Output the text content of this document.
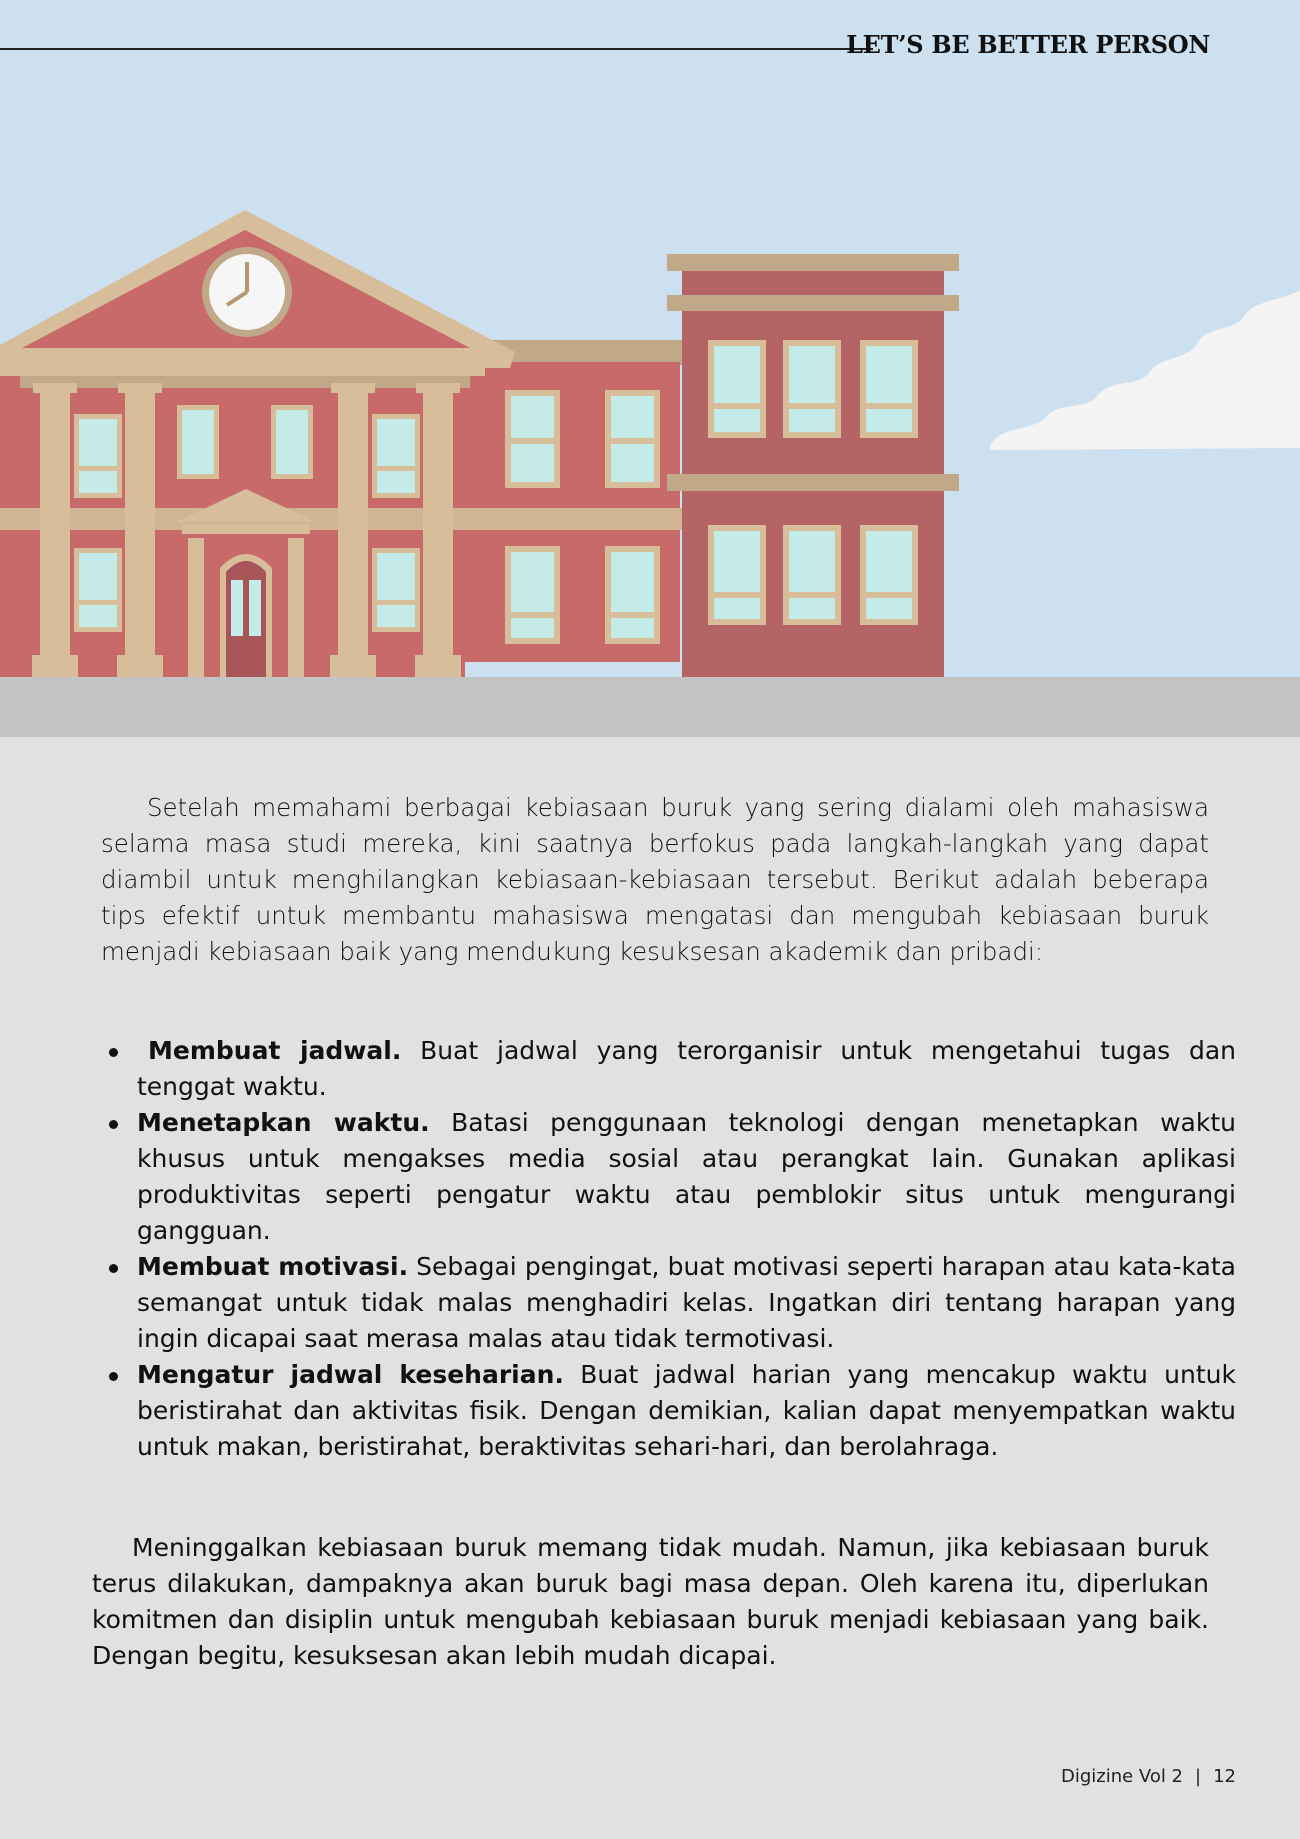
LET’S BE BETTER PERSON

Setelah memahami berbagai kebiasaan buruk yang sering dialami oleh mahasiswa selama masa studi mereka, kini saatnya berfokus pada langkah-langkah yang dapat diambil untuk menghilangkan kebiasaan-kebiasaan tersebut. Berikut adalah beberapa tips efektif untuk membantu mahasiswa mengatasi dan mengubah kebiasaan buruk menjadi kebiasaan baik yang mendukung kesuksesan akademik dan pribadi:

Membuat jadwal. Buat jadwal yang terorganisir untuk mengetahui tugas dan tenggat waktu.
Menetapkan waktu. Batasi penggunaan teknologi dengan menetapkan waktu khusus untuk mengakses media sosial atau perangkat lain. Gunakan aplikasi produktivitas seperti pengatur waktu atau pemblokir situs untuk mengurangi gangguan.
Membuat motivasi. Sebagai pengingat, buat motivasi seperti harapan atau kata-kata semangat untuk tidak malas menghadiri kelas. Ingatkan diri tentang harapan yang ingin dicapai saat merasa malas atau tidak termotivasi.
Mengatur jadwal keseharian. Buat jadwal harian yang mencakup waktu untuk beristirahat dan aktivitas fisik. Dengan demikian, kalian dapat menyempatkan waktu untuk makan, beristirahat, beraktivitas sehari-hari, dan berolahraga.

Meninggalkan kebiasaan buruk memang tidak mudah. Namun, jika kebiasaan buruk terus dilakukan, dampaknya akan buruk bagi masa depan. Oleh karena itu, diperlukan komitmen dan disiplin untuk mengubah kebiasaan buruk menjadi kebiasaan yang baik. Dengan begitu, kesuksesan akan lebih mudah dicapai.

Digizine Vol 2 | 12
